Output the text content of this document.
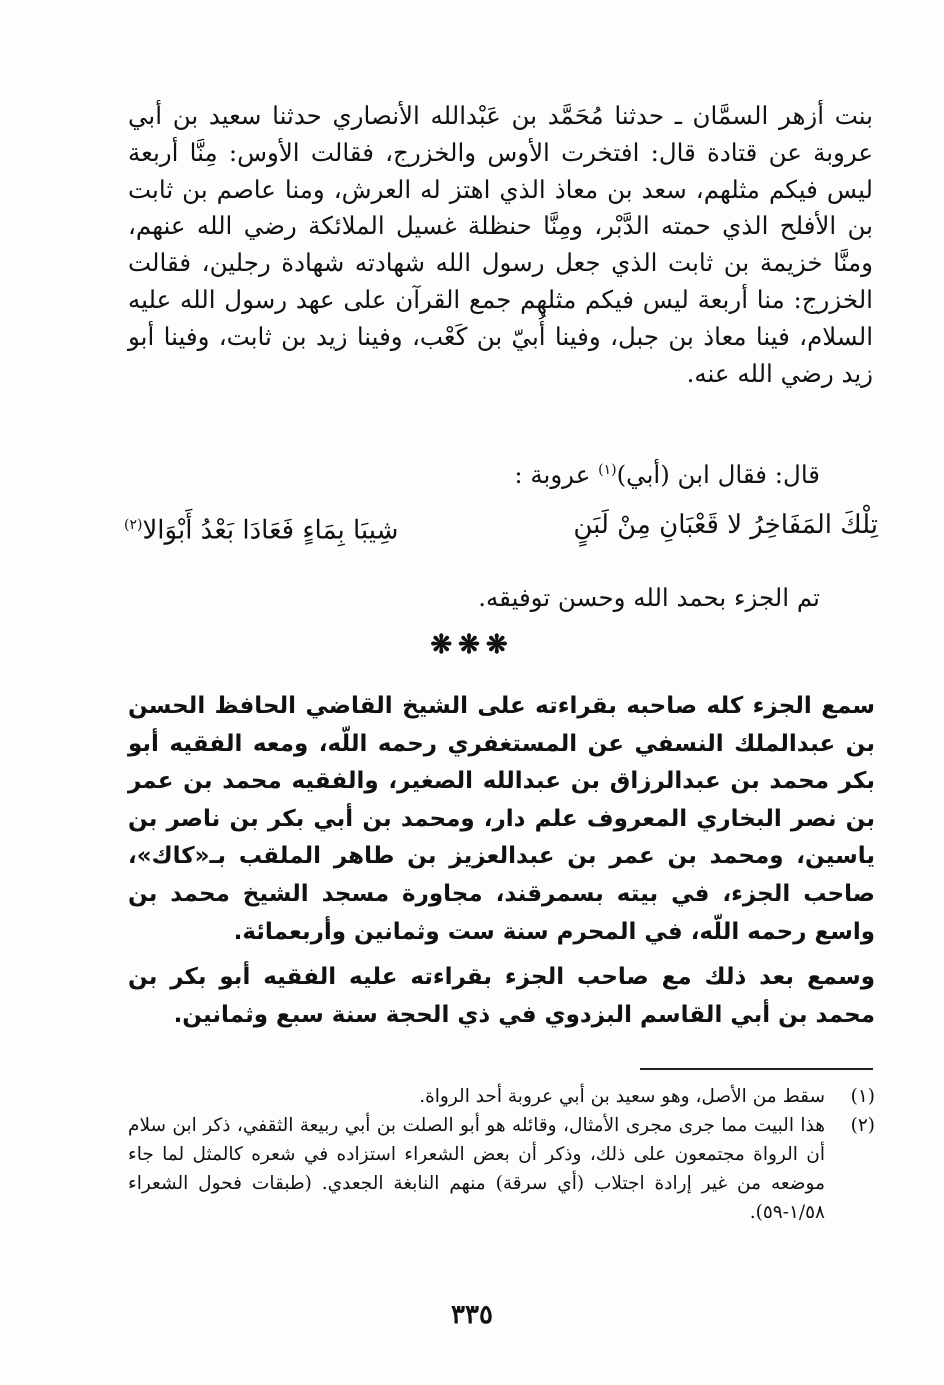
بنت أزهر السمَّان ـ حدثنا مُحَمَّد بن عَبْدالله الأنصاري حدثنا سعيد بن أبي عروبة عن قتادة قال: افتخرت الأوس والخزرج، فقالت الأوس: مِنَّا أربعة ليس فيكم مثلهم، سعد بن معاذ الذي اهتز له العرش، ومنا عاصم بن ثابت بن الأفلح الذي حمته الدَّبْر، ومِنَّا حنظلة غسيل الملائكة رضي الله عنهم، ومنَّا خزيمة بن ثابت الذي جعل رسول الله شهادته شهادة رجلين، فقالت الخزرج: منا أربعة ليس فيكم مثلهم جمع القرآن على عهد رسول الله عليه السلام، فينا معاذ بن جبل، وفينا أُبيّ بن كَعْب، وفينا زيد بن ثابت، وفينا أبو زيد رضي الله عنه.

قال: فقال ابن (أبي)$^{(١)}$ عروبة :
تِلْكَ المَفَاخِرُ لا قَعْبَانِ مِنْ لَبَنٍ
شِيبَا بِمَاءٍ فَعَادَا بَعْدُ أَبْوَالا$^{(٢)}$
تم الجزء بحمد الله وحسن توفيقه.
❋❋❋

سمع الجزء كله صاحبه بقراءته على الشيخ القاضي الحافظ الحسن بن عبدالملك النسفي عن المستغفري رحمه اللّه، ومعه الفقيه أبو بكر محمد بن عبدالرزاق بن عبدالله الصغير، والفقيه محمد بن عمر بن نصر البخاري المعروف علم دار، ومحمد بن أبي بكر بن ناصر بن ياسين، ومحمد بن عمر بن عبدالعزيز بن طاهر الملقب بـ«كاك»، صاحب الجزء، في بيته بسمرقند، مجاورة مسجد الشيخ محمد بن واسع رحمه اللّه، في المحرم سنة ست وثمانين وأربعمائة.

وسمع بعد ذلك مع صاحب الجزء بقراءته عليه الفقيه أبو بكر بن محمد بن أبي القاسم البزدوي في ذي الحجة سنة سبع وثمانين.

(١)
سقط من الأصل، وهو سعيد بن أبي عروبة أحد الرواة.
(٢)
هذا البيت مما جرى مجرى الأمثال، وقائله هو أبو الصلت بن أبي ربيعة الثقفي، ذكر ابن سلام أن الرواة مجتمعون على ذلك، وذكر أن بعض الشعراء استزاده في شعره كالمثل لما جاء موضعه من غير إرادة اجتلاب (أي سرقة) منهم النابغة الجعدي. (طبقات فحول الشعراء ١/٥٨-٥٩).
٣٣٥
